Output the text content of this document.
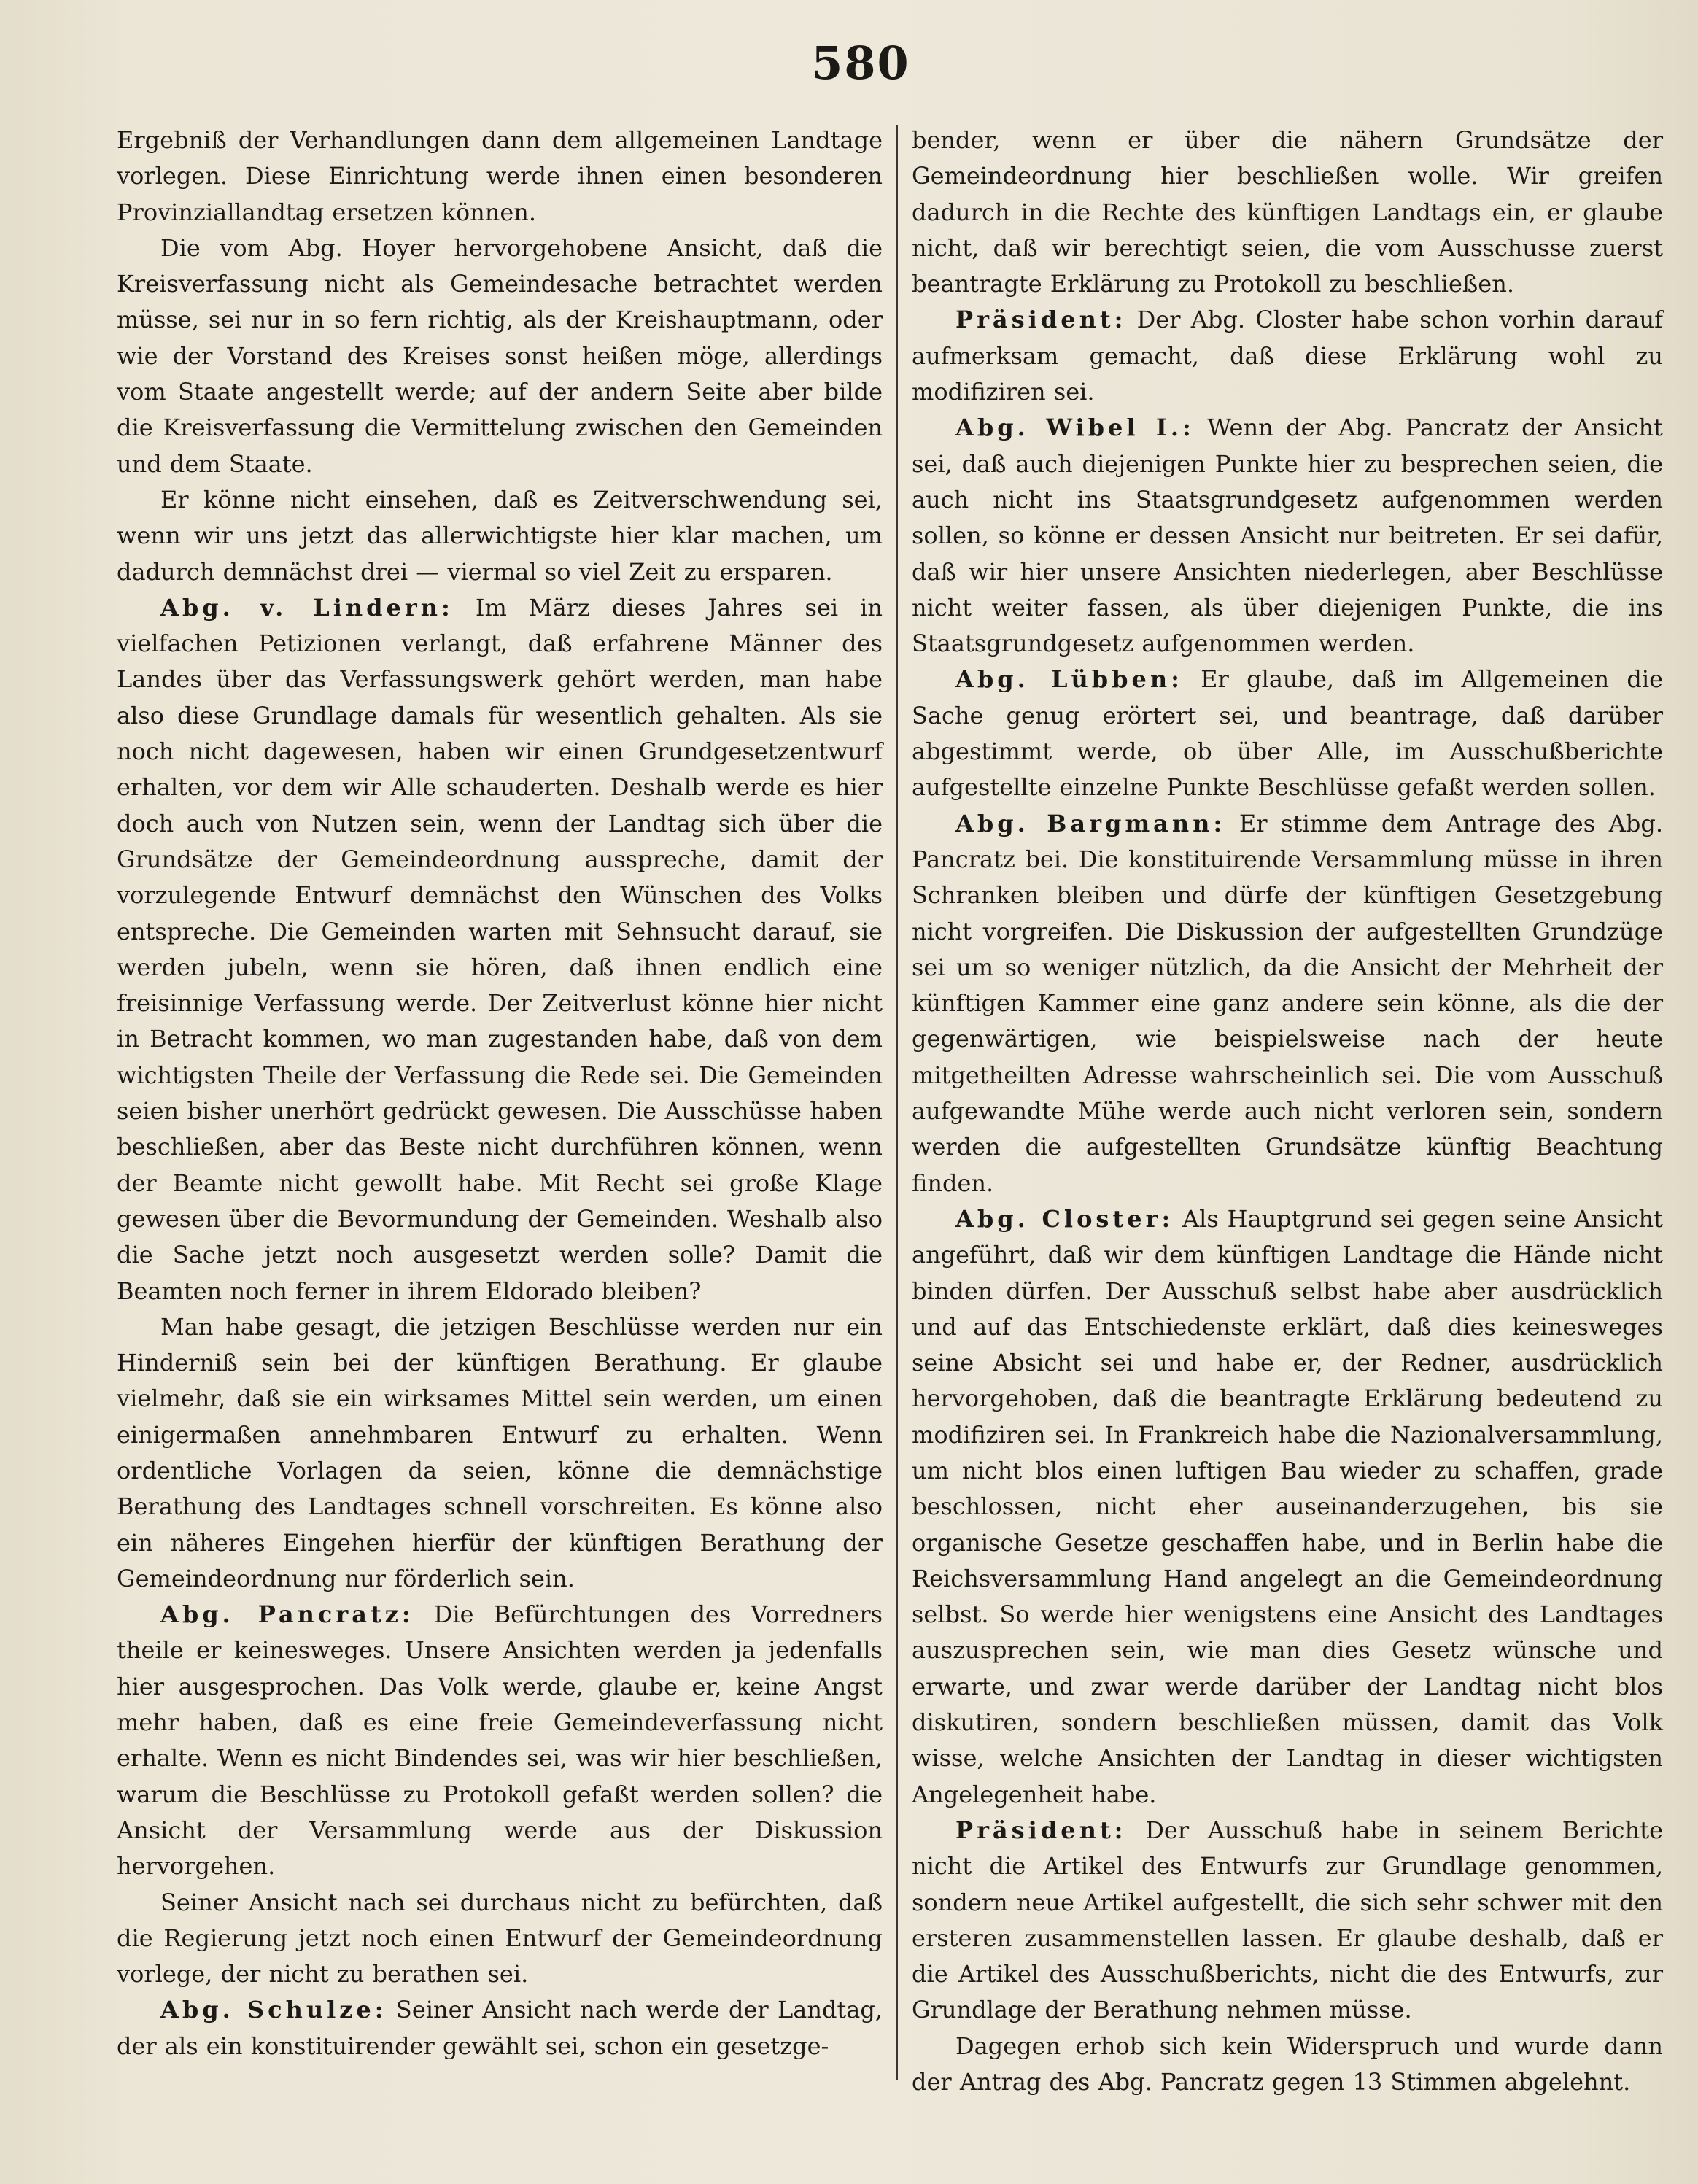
580

Ergebniß der Verhandlungen dann dem allgemeinen Landtage vorlegen. Diese Einrichtung werde ihnen einen besonderen Provinziallandtag ersetzen können.

Die vom Abg. Hoyer hervorgehobene Ansicht, daß die Kreisverfassung nicht als Gemeindesache betrachtet werden müsse, sei nur in so fern richtig, als der Kreishauptmann, oder wie der Vorstand des Kreises sonst heißen möge, allerdings vom Staate angestellt werde; auf der andern Seite aber bilde die Kreisverfassung die Vermittelung zwischen den Gemeinden und dem Staate.

Er könne nicht einsehen, daß es Zeitverschwendung sei, wenn wir uns jetzt das allerwichtigste hier klar machen, um dadurch demnächst drei — viermal so viel Zeit zu ersparen.

Abg. v. Lindern: Im März dieses Jahres sei in vielfachen Petizionen verlangt, daß erfahrene Männer des Landes über das Verfassungswerk gehört werden, man habe also diese Grundlage damals für wesentlich gehalten. Als sie noch nicht dagewesen, haben wir einen Grundgesetzentwurf erhalten, vor dem wir Alle schauderten. Deshalb werde es hier doch auch von Nutzen sein, wenn der Landtag sich über die Grundsätze der Gemeindeordnung ausspreche, damit der vorzulegende Entwurf demnächst den Wünschen des Volks entspreche. Die Gemeinden warten mit Sehnsucht darauf, sie werden jubeln, wenn sie hören, daß ihnen endlich eine freisinnige Verfassung werde. Der Zeitverlust könne hier nicht in Betracht kommen, wo man zugestanden habe, daß von dem wichtigsten Theile der Verfassung die Rede sei. Die Gemeinden seien bisher unerhört gedrückt gewesen. Die Ausschüsse haben beschließen, aber das Beste nicht durchführen können, wenn der Beamte nicht gewollt habe. Mit Recht sei große Klage gewesen über die Bevormundung der Gemeinden. Weshalb also die Sache jetzt noch ausgesetzt werden solle? Damit die Beamten noch ferner in ihrem Eldorado bleiben?

Man habe gesagt, die jetzigen Beschlüsse werden nur ein Hinderniß sein bei der künftigen Berathung. Er glaube vielmehr, daß sie ein wirksames Mittel sein werden, um einen einigermaßen annehmbaren Entwurf zu erhalten. Wenn ordentliche Vorlagen da seien, könne die demnächstige Berathung des Landtages schnell vorschreiten. Es könne also ein näheres Eingehen hierfür der künftigen Berathung der Gemeindeordnung nur förderlich sein.

Abg. Pancratz: Die Befürchtungen des Vorredners theile er keinesweges. Unsere Ansichten werden ja jedenfalls hier ausgesprochen. Das Volk werde, glaube er, keine Angst mehr haben, daß es eine freie Gemeindeverfassung nicht erhalte. Wenn es nicht Bindendes sei, was wir hier beschließen, warum die Beschlüsse zu Protokoll gefaßt werden sollen? die Ansicht der Versammlung werde aus der Diskussion hervorgehen.

Seiner Ansicht nach sei durchaus nicht zu befürchten, daß die Regierung jetzt noch einen Entwurf der Gemeindeordnung vorlege, der nicht zu berathen sei.

Abg. Schulze: Seiner Ansicht nach werde der Landtag, der als ein konstituirender gewählt sei, schon ein gesetzge-

bender, wenn er über die nähern Grundsätze der Gemeindeordnung hier beschließen wolle. Wir greifen dadurch in die Rechte des künftigen Landtags ein, er glaube nicht, daß wir berechtigt seien, die vom Ausschusse zuerst beantragte Erklärung zu Protokoll zu beschließen.

Präsident: Der Abg. Closter habe schon vorhin darauf aufmerksam gemacht, daß diese Erklärung wohl zu modifiziren sei.

Abg. Wibel I.: Wenn der Abg. Pancratz der Ansicht sei, daß auch diejenigen Punkte hier zu besprechen seien, die auch nicht ins Staatsgrundgesetz aufgenommen werden sollen, so könne er dessen Ansicht nur beitreten. Er sei dafür, daß wir hier unsere Ansichten niederlegen, aber Beschlüsse nicht weiter fassen, als über diejenigen Punkte, die ins Staatsgrundgesetz aufgenommen werden.

Abg. Lübben: Er glaube, daß im Allgemeinen die Sache genug erörtert sei, und beantrage, daß darüber abgestimmt werde, ob über Alle, im Ausschußberichte aufgestellte einzelne Punkte Beschlüsse gefaßt werden sollen.

Abg. Bargmann: Er stimme dem Antrage des Abg. Pancratz bei. Die konstituirende Versammlung müsse in ihren Schranken bleiben und dürfe der künftigen Gesetzgebung nicht vorgreifen. Die Diskussion der aufgestellten Grundzüge sei um so weniger nützlich, da die Ansicht der Mehrheit der künftigen Kammer eine ganz andere sein könne, als die der gegenwärtigen, wie beispielsweise nach der heute mitgetheilten Adresse wahrscheinlich sei. Die vom Ausschuß aufgewandte Mühe werde auch nicht verloren sein, sondern werden die aufgestellten Grundsätze künftig Beachtung finden.

Abg. Closter: Als Hauptgrund sei gegen seine Ansicht angeführt, daß wir dem künftigen Landtage die Hände nicht binden dürfen. Der Ausschuß selbst habe aber ausdrücklich und auf das Entschiedenste erklärt, daß dies keinesweges seine Absicht sei und habe er, der Redner, ausdrücklich hervorgehoben, daß die beantragte Erklärung bedeutend zu modifiziren sei. In Frankreich habe die Nazionalversammlung, um nicht blos einen luftigen Bau wieder zu schaffen, grade beschlossen, nicht eher auseinanderzugehen, bis sie organische Gesetze geschaffen habe, und in Berlin habe die Reichsversammlung Hand angelegt an die Gemeindeordnung selbst. So werde hier wenigstens eine Ansicht des Landtages auszusprechen sein, wie man dies Gesetz wünsche und erwarte, und zwar werde darüber der Landtag nicht blos diskutiren, sondern beschließen müssen, damit das Volk wisse, welche Ansichten der Landtag in dieser wichtigsten Angelegenheit habe.

Präsident: Der Ausschuß habe in seinem Berichte nicht die Artikel des Entwurfs zur Grundlage genommen, sondern neue Artikel aufgestellt, die sich sehr schwer mit den ersteren zusammenstellen lassen. Er glaube deshalb, daß er die Artikel des Ausschußberichts, nicht die des Entwurfs, zur Grundlage der Berathung nehmen müsse.

Dagegen erhob sich kein Widerspruch und wurde dann der Antrag des Abg. Pancratz gegen 13 Stimmen abgelehnt.
